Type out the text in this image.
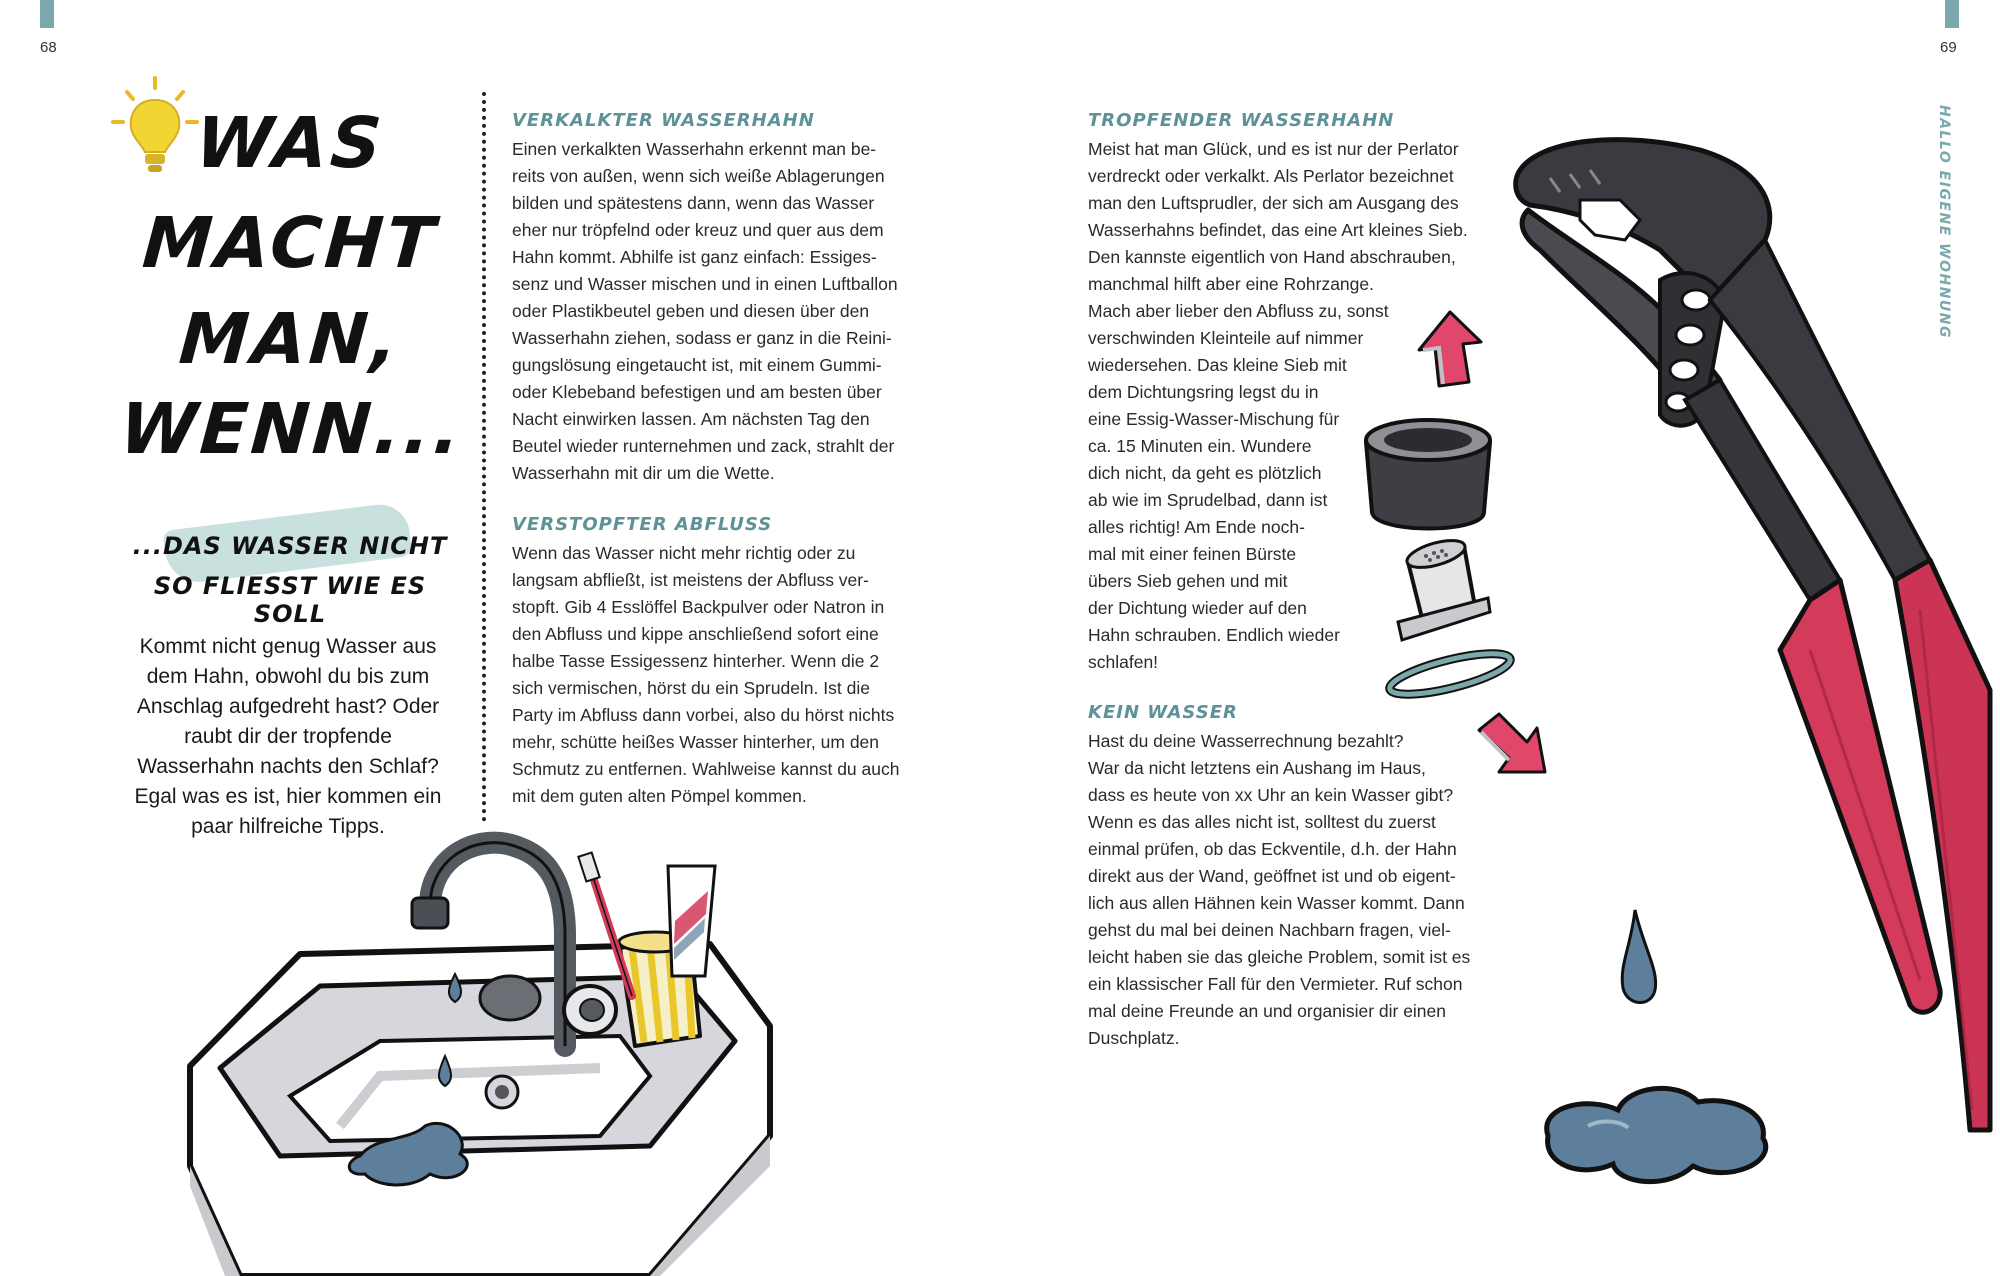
68	69
HALLO EIGENE WOHNUNG
WAS
MACHT
MAN,
WENN...
...DAS WASSER NICHT
SO FLIESST WIE ES SOLL
Kommt nicht genug Wasser aus dem Hahn, obwohl du bis zum Anschlag aufgedreht hast? Oder raubt dir der tropfende Wasserhahn nachts den Schlaf? Egal was es ist, hier kommen ein paar hilfreiche Tipps.
VERKALKTER WASSERHAHN
Einen verkalkten Wasserhahn erkennt man be-
reits von außen, wenn sich weiße Ablagerungen
bilden und spätestens dann, wenn das Wasser
eher nur tröpfelnd oder kreuz und quer aus dem
Hahn kommt. Abhilfe ist ganz einfach: Essiges-
senz und Wasser mischen und in einen Luftballon
oder Plastikbeutel geben und diesen über den
Wasserhahn ziehen, sodass er ganz in die Reini-
gungslösung eingetaucht ist, mit einem Gummi-
oder Klebeband befestigen und am besten über
Nacht einwirken lassen. Am nächsten Tag den
Beutel wieder runternehmen und zack, strahlt der
Wasserhahn mit dir um die Wette.
VERSTOPFTER ABFLUSS
Wenn das Wasser nicht mehr richtig oder zu
langsam abfließt, ist meistens der Abfluss ver-
stopft. Gib 4 Esslöffel Backpulver oder Natron in
den Abfluss und kippe anschließend sofort eine
halbe Tasse Essigessenz hinterher. Wenn die 2
sich vermischen, hörst du ein Sprudeln. Ist die
Party im Abfluss dann vorbei, also du hörst nichts
mehr, schütte heißes Wasser hinterher, um den
Schmutz zu entfernen. Wahlweise kannst du auch
mit dem guten alten Pömpel kommen.
TROPFENDER WASSERHAHN
Meist hat man Glück, und es ist nur der Perlator
verdreckt oder verkalkt. Als Perlator bezeichnet
man den Luftsprudler, der sich am Ausgang des
Wasserhahns befindet, das eine Art kleines Sieb.
Den kannste eigentlich von Hand abschrauben,
manchmal hilft aber eine Rohrzange.
Mach aber lieber den Abfluss zu, sonst
verschwinden Kleinteile auf nimmer
wiedersehen. Das kleine Sieb mit
dem Dichtungsring legst du in
eine Essig-Wasser-Mischung für
ca. 15 Minuten ein. Wundere
dich nicht, da geht es plötzlich
ab wie im Sprudelbad, dann ist
alles richtig! Am Ende noch-
mal mit einer feinen Bürste
übers Sieb gehen und mit
der Dichtung wieder auf den
Hahn schrauben. Endlich wieder
schlafen!
KEIN WASSER
Hast du deine Wasserrechnung bezahlt?
War da nicht letztens ein Aushang im Haus,
dass es heute von xx Uhr an kein Wasser gibt?
Wenn es das alles nicht ist, solltest du zuerst
einmal prüfen, ob das Eckventile, d.h. der Hahn
direkt aus der Wand, geöffnet ist und ob eigent-
lich aus allen Hähnen kein Wasser kommt. Dann
gehst du mal bei deinen Nachbarn fragen, viel-
leicht haben sie das gleiche Problem, somit ist es
ein klassischer Fall für den Vermieter. Ruf schon
mal deine Freunde an und organisier dir einen
Duschplatz.
